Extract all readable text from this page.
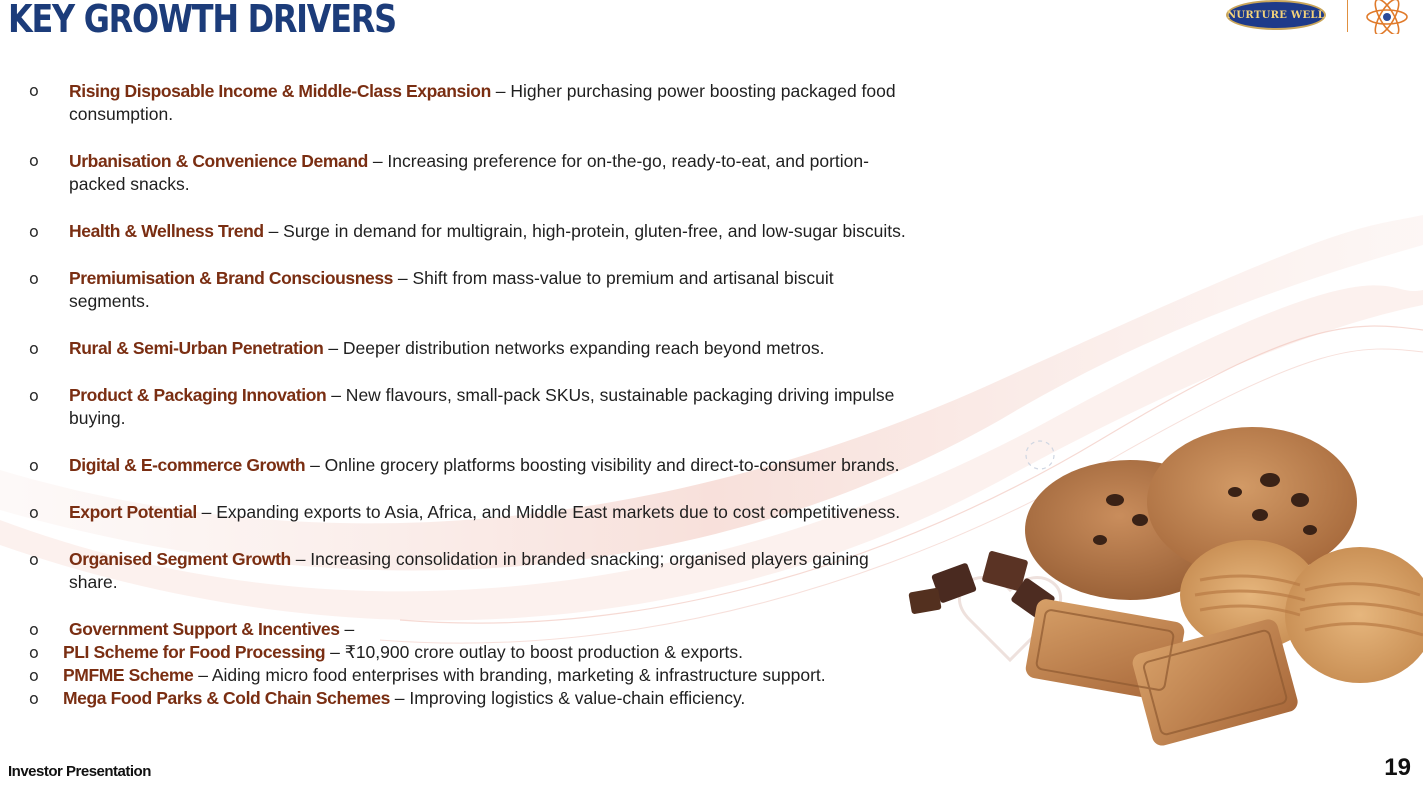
KEY GROWTH DRIVERS	NURTURE WELL
o Rising Disposable Income & Middle-Class Expansion – Higher purchasing power boosting packaged food
consumption.
o Urbanisation & Convenience Demand – Increasing preference for on-the-go, ready-to-eat, and portion-
packed snacks.
o Health & Wellness Trend – Surge in demand for multigrain, high-protein, gluten-free, and low-sugar biscuits.
o Premiumisation & Brand Consciousness – Shift from mass-value to premium and artisanal biscuit
segments.
o Rural & Semi-Urban Penetration – Deeper distribution networks expanding reach beyond metros.
o Product & Packaging Innovation – New flavours, small-pack SKUs, sustainable packaging driving impulse
buying.
o Digital & E-commerce Growth – Online grocery platforms boosting visibility and direct-to-consumer brands.
o Export Potential – Expanding exports to Asia, Africa, and Middle East markets due to cost competitiveness.
o Organised Segment Growth – Increasing consolidation in branded snacking; organised players gaining
share.
o Government Support & Incentives –
o PLI Scheme for Food Processing – ₹10,900 crore outlay to boost production & exports.
o PMFME Scheme – Aiding micro food enterprises with branding, marketing & infrastructure support.
o Mega Food Parks & Cold Chain Schemes – Improving logistics & value-chain efficiency.
Investor Presentation	19
